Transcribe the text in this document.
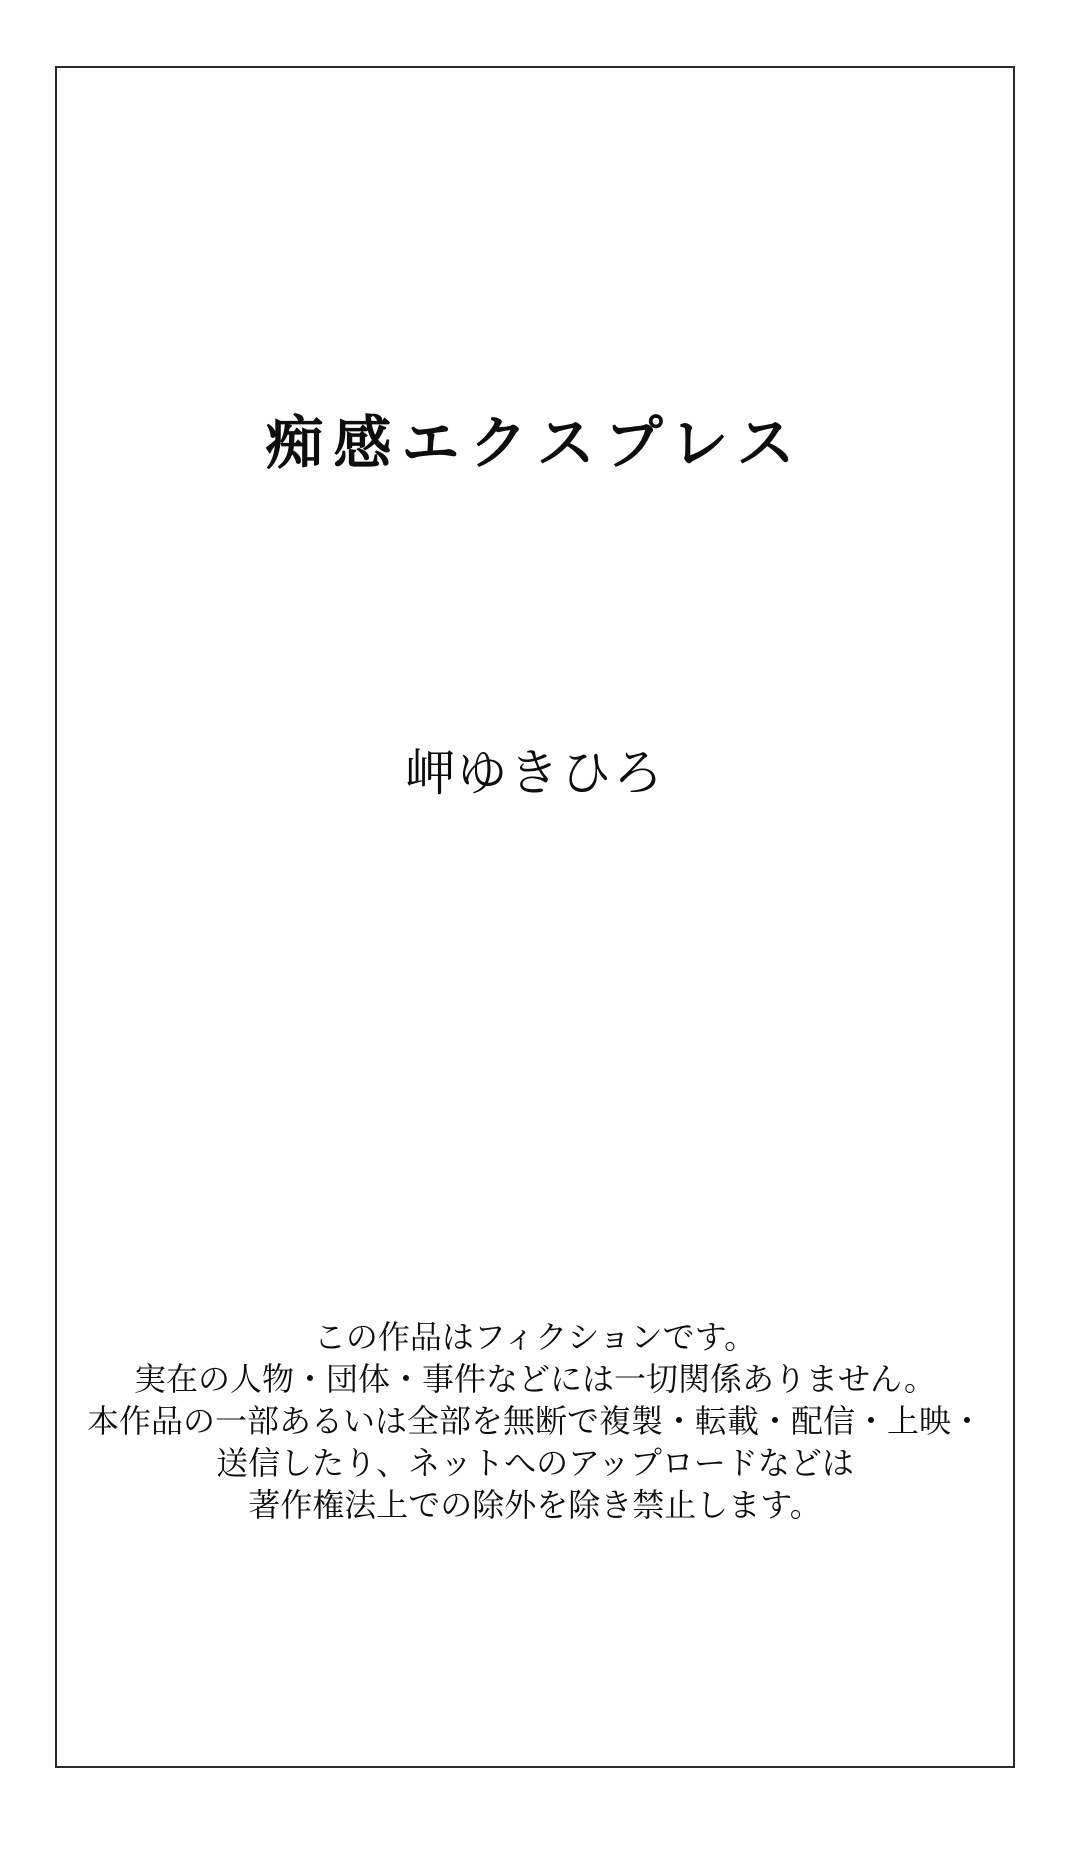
痴感エクスプレス
岬ゆきひろ

この作品はフィクションです。

実在の人物・団体・事件などには一切関係ありません。

本作品の一部あるいは全部を無断で複製・転載・配信・上映・

送信したり、ネットへのアップロードなどは

著作権法上での除外を除き禁止します。
